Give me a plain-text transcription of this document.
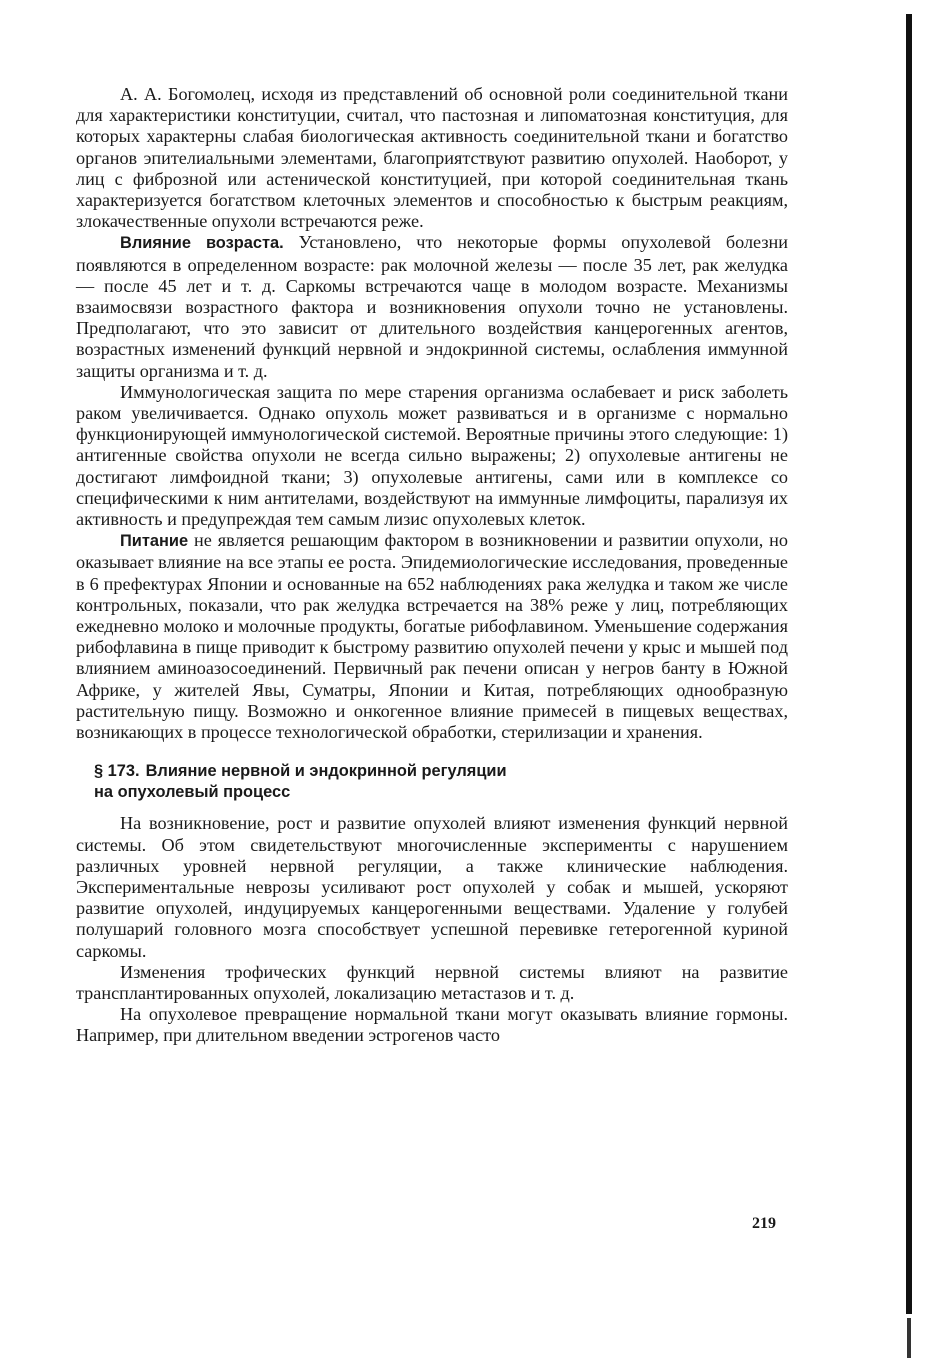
А. А. Богомолец, исходя из представлений об основной роли соединительной ткани для характеристики конституции, считал, что пастозная и липоматозная конституция, для которых характерны слабая биологическая активность соединительной ткани и богатство органов эпителиальными элементами, благоприятствуют развитию опухолей. Наоборот, у лиц с фиброзной или астенической конституцией, при которой соединительная ткань характеризуется богатством клеточных элементов и способностью к быстрым реакциям, злокачественные опухоли встречаются реже.

Влияние возраста. Установлено, что некоторые формы опухолевой болезни появляются в определенном возрасте: рак молочной железы — после 35 лет, рак желудка — после 45 лет и т. д. Саркомы встречаются чаще в молодом возрасте. Механизмы взаимосвязи возрастного фактора и возникновения опухоли точно не установлены. Предполагают, что это зависит от длительного воздействия канцерогенных агентов, возрастных изменений функций нервной и эндокринной системы, ослабления иммунной защиты организма и т. д.

Иммунологическая защита по мере старения организма ослабевает и риск заболеть раком увеличивается. Однако опухоль может развиваться и в организме с нормально функционирующей иммунологической системой. Вероятные причины этого следующие: 1) антигенные свойства опухоли не всегда сильно выражены; 2) опухолевые антигены не достигают лимфоидной ткани; 3) опухолевые антигены, сами или в комплексе со специфическими к ним антителами, воздействуют на иммунные лимфоциты, парализуя их активность и предупреждая тем самым лизис опухолевых клеток.

Питание не является решающим фактором в возникновении и развитии опухоли, но оказывает влияние на все этапы ее роста. Эпидемиологические исследования, проведенные в 6 префектурах Японии и основанные на 652 наблюдениях рака желудка и таком же числе контрольных, показали, что рак желудка встречается на 38% реже у лиц, потребляющих ежедневно молоко и молочные продукты, богатые рибофлавином. Уменьшение содержания рибофлавина в пище приводит к быстрому развитию опухолей печени у крыс и мышей под влиянием аминоазосоединений. Первичный рак печени описан у негров банту в Южной Африке, у жителей Явы, Суматры, Японии и Китая, потребляющих однообразную растительную пищу. Возможно и онкогенное влияние примесей в пищевых веществах, возникающих в процессе технологической обработки, стерилизации и хранения.

§ 173. Влияние нервной и эндокринной регуляции
на опухолевый процесс

На возникновение, рост и развитие опухолей влияют изменения функций нервной системы. Об этом свидетельствуют многочисленные эксперименты с нарушением различных уровней нервной регуляции, а также клинические наблюдения. Экспериментальные неврозы усиливают рост опухолей у собак и мышей, ускоряют развитие опухолей, индуцируемых канцерогенными веществами. Удаление у голубей полушарий головного мозга способствует успешной перевивке гетерогенной куриной саркомы.

Изменения трофических функций нервной системы влияют на развитие трансплантированных опухолей, локализацию метастазов и т. д.

На опухолевое превращение нормальной ткани могут оказывать влияние гормоны. Например, при длительном введении эстрогенов часто

219
